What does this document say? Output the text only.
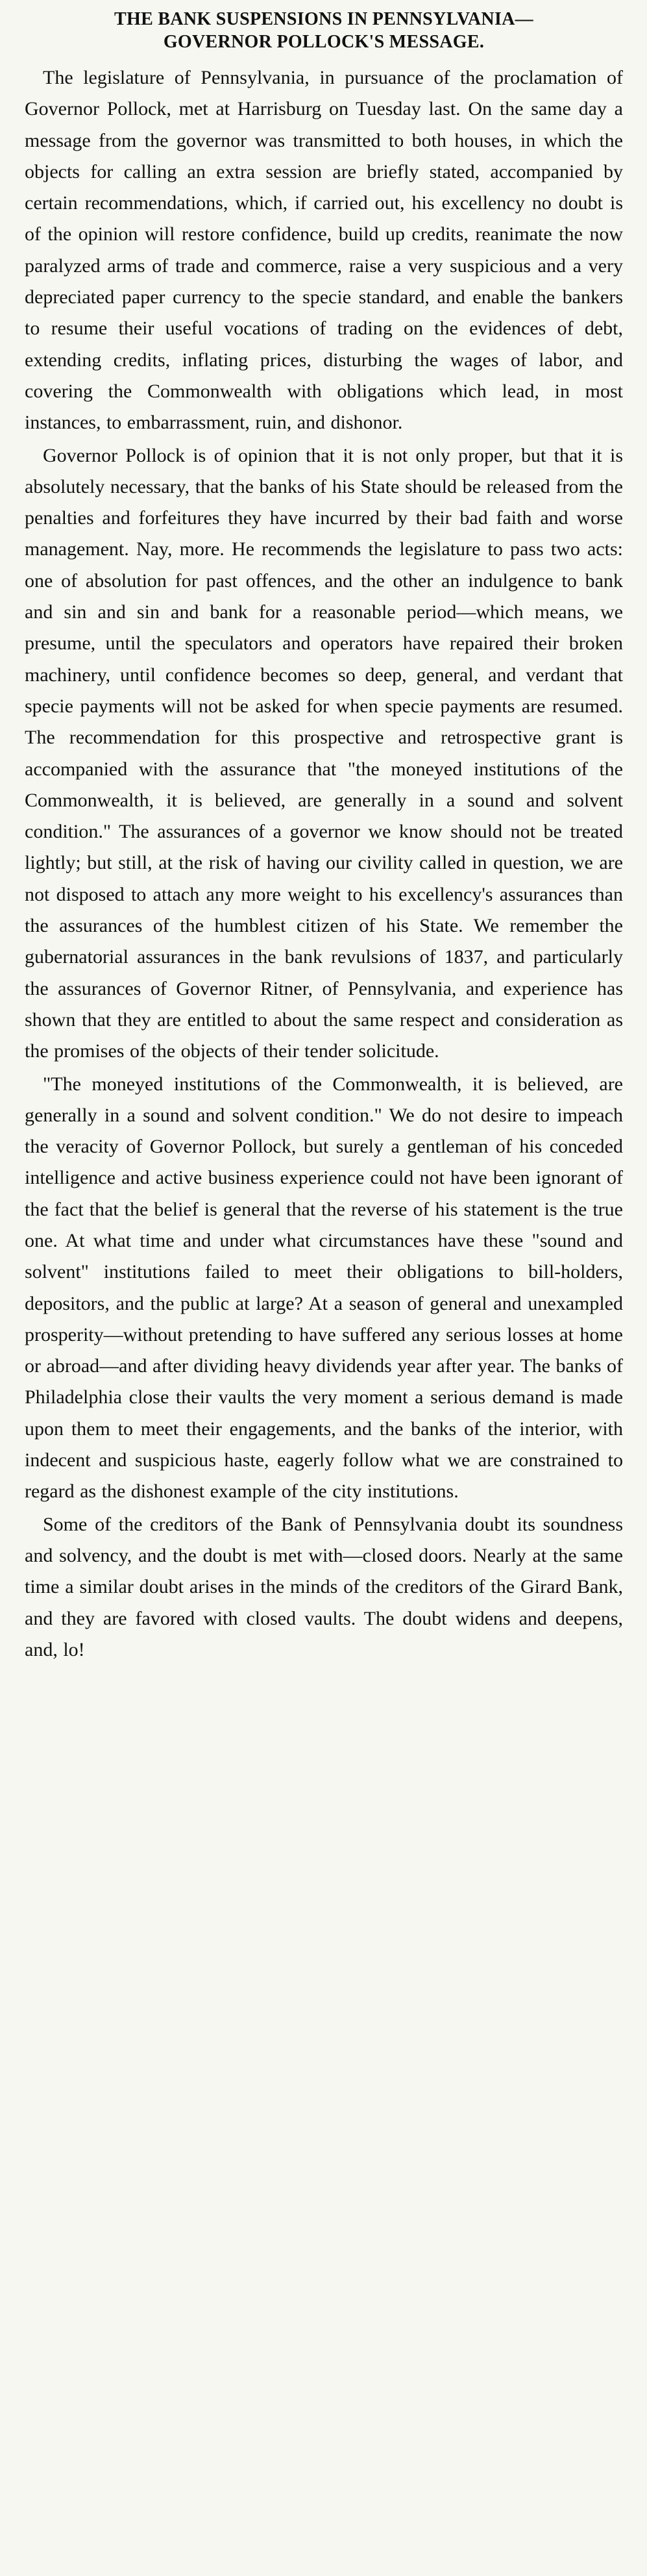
THE BANK SUSPENSIONS IN PENNSYLVANIA—
GOVERNOR POLLOCK'S MESSAGE.

The legislature of Pennsylvania, in pursuance of the proclamation of Governor Pollock, met at Harrisburg on Tuesday last. On the same day a message from the governor was transmitted to both houses, in which the objects for calling an extra session are briefly stated, accompanied by certain recommendations, which, if carried out, his excellency no doubt is of the opinion will restore confidence, build up credits, reanimate the now paralyzed arms of trade and commerce, raise a very suspicious and a very depreciated paper currency to the specie standard, and enable the bankers to resume their useful vocations of trading on the evidences of debt, extending credits, inflating prices, disturbing the wages of labor, and covering the Commonwealth with obligations which lead, in most instances, to embarrassment, ruin, and dishonor.

Governor Pollock is of opinion that it is not only proper, but that it is absolutely necessary, that the banks of his State should be released from the penalties and forfeitures they have incurred by their bad faith and worse management. Nay, more. He recommends the legislature to pass two acts: one of absolution for past offences, and the other an indulgence to bank and sin and sin and bank for a reasonable period—which means, we presume, until the speculators and operators have repaired their broken machinery, until confidence becomes so deep, general, and verdant that specie payments will not be asked for when specie payments are resumed. The recommendation for this prospective and retrospective grant is accompanied with the assurance that "the moneyed institutions of the Commonwealth, it is believed, are generally in a sound and solvent condition." The assurances of a governor we know should not be treated lightly; but still, at the risk of having our civility called in question, we are not disposed to attach any more weight to his excellency's assurances than the assurances of the humblest citizen of his State. We remember the gubernatorial assurances in the bank revulsions of 1837, and particularly the assurances of Governor Ritner, of Pennsylvania, and experience has shown that they are entitled to about the same respect and consideration as the promises of the objects of their tender solicitude.

"The moneyed institutions of the Commonwealth, it is believed, are generally in a sound and solvent condition." We do not desire to impeach the veracity of Governor Pollock, but surely a gentleman of his conceded intelligence and active business experience could not have been ignorant of the fact that the belief is general that the reverse of his statement is the true one. At what time and under what circumstances have these "sound and solvent" institutions failed to meet their obligations to bill-holders, depositors, and the public at large? At a season of general and unexampled prosperity—without pretending to have suffered any serious losses at home or abroad—and after dividing heavy dividends year after year. The banks of Philadelphia close their vaults the very moment a serious demand is made upon them to meet their engagements, and the banks of the interior, with indecent and suspicious haste, eagerly follow what we are constrained to regard as the dishonest example of the city institutions.

Some of the creditors of the Bank of Pennsylvania doubt its soundness and solvency, and the doubt is met with—closed doors. Nearly at the same time a similar doubt arises in the minds of the creditors of the Girard Bank, and they are favored with closed vaults. The doubt widens and deepens, and, lo!
